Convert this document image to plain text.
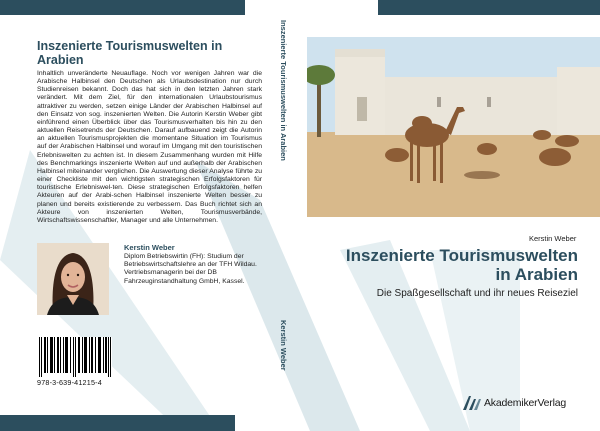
Inszenierte Tourismuswelten in Arabien
Inhaltlich unveränderte Neuauflage. Noch vor wenigen Jahren war die Arabische Halbinsel den Deutschen als Urlaubsdestination nur durch Studienreisen bekannt. Doch das hat sich in den letzten Jahren stark verändert. Mit dem Ziel, für den internationalen Urlaubstourismus attraktiver zu werden, setzen einige Länder der Arabischen Halbinsel auf den Einsatz von sog. inszenierten Welten. Die Autorin Kerstin Weber gibt einführend einen Überblick über das Tourismusverhalten bis hin zu den aktuellen Reisetrends der Deutschen. Darauf aufbauend zeigt die Autorin an aktuellen Tourismusprojekten die momentane Situation im Tourismus auf der Arabischen Halbinsel und worauf im Umgang mit den touristischen Erlebniswelten zu achten ist. In diesem Zusammenhang wurden mit Hilfe des Benchmarkings inszenierte Welten auf und außerhalb der Arabischen Halbinsel miteinander verglichen. Die Auswertung dieser Analyse führte zu einer Checkliste mit den wichtigsten strategischen Erfolgsfaktoren für touristische Erlebniswel-ten. Diese strategischen Erfolgsfaktoren helfen Akteuren auf der Arabi-schen Halbinsel inszenierte Welten besser zu planen und bereits existierende zu verbessern. Das Buch richtet sich an Akteure von inszenierten Welten, Tourismusverbände, Wirtschaftswissenschaftler, Manager und alle Unternehmen.
Kerstin Weber
Diplom Betriebswirtin (FH): Studium der Betriebswirtschaftslehre an der TFH Wildau. Vertriebsmanagerin bei der DB Fahrzeuginstandhaltung GmbH, Kassel.
978-3-639-41215-4
Inszenierte Tourismuswelten in Arabien
Kerstin Weber
Kerstin Weber
Inszenierte Tourismuswelten
in Arabien
Die Spaßgesellschaft und ihr neues Reiseziel
AkademikerVerlag
